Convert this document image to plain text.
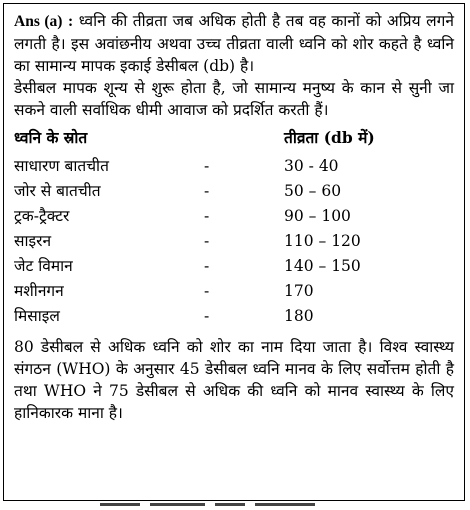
Ans (a) : ध्वनि की तीव्रता जब अधिक होती है तब वह कानों को अप्रिय लगने लगती है। इस अवांछनीय अथवा उच्च तीव्रता वाली ध्वनि को शोर कहते है ध्वनि का सामान्य मापक इकाई डेसीबल (db) है।

डेसीबल मापक शून्य से शुरू होता है, जो सामान्य मनुष्य के कान से सुनी जा सकने वाली सर्वाधिक धीमी आवाज को प्रदर्शित करती हैं।

ध्वनि के स्रोत		तीव्रता (db में)
साधारण बातचीत	-	30 - 40
जोर से बातचीत	-	50 – 60
ट्रक-ट्रैक्टर	-	90 – 100
साइरन	-	110 – 120
जेट विमान	-	140 – 150
मशीनगन	-	170
मिसाइल	-	180

80 डेसीबल से अधिक ध्वनि को शोर का नाम दिया जाता है। विश्व स्वास्थ्य संगठन (WHO) के अनुसार 45 डेसीबल ध्वनि मानव के लिए सर्वोत्तम होती है तथा WHO ने 75 डेसीबल से अधिक की ध्वनि को मानव स्वास्थ्य के लिए हानिकारक माना है।
